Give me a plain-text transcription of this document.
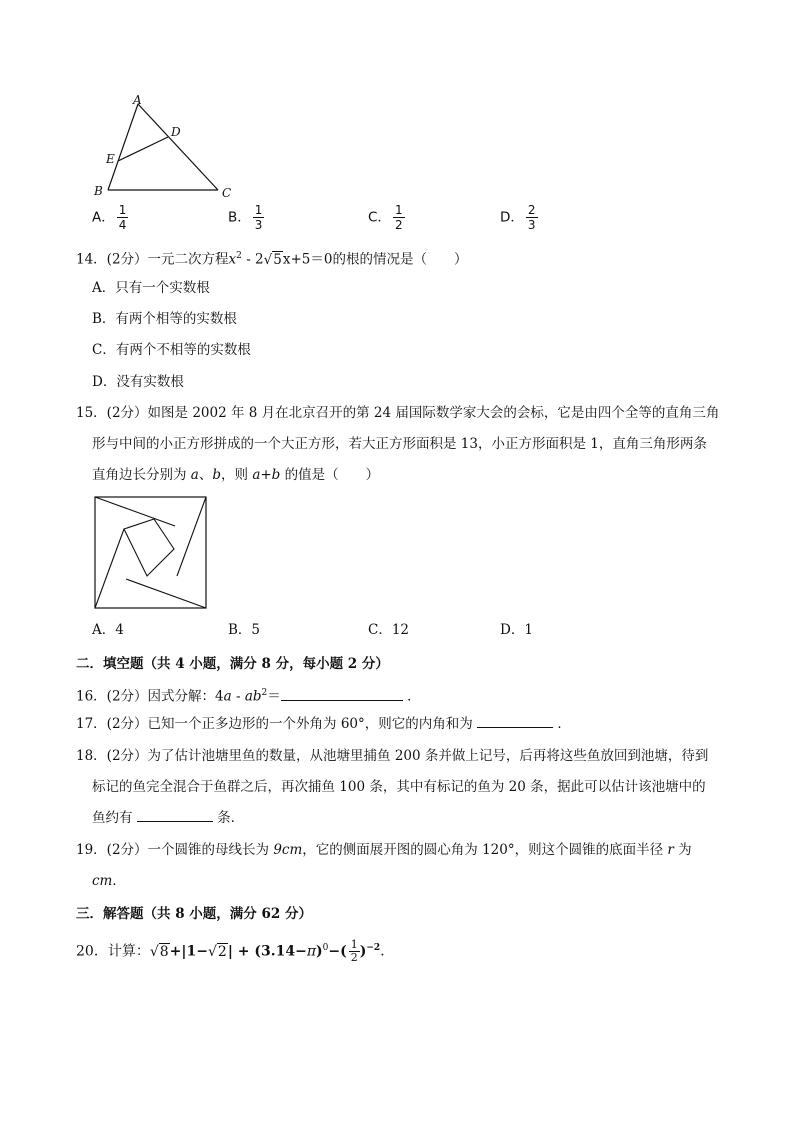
A
B	C
D
E
A． $\frac{1}{4}$	B． $\frac{1}{3}$	C． $\frac{1}{2}$	D． $\frac{2}{3}$
14．(2分）一元二次方程$x^2 - 2√5x+5=0$的根的情况是（　　）
A．只有一个实数根
B．有两个相等的实数根
C．有两个不相等的实数根
D．没有实数根
15．(2分）如图是 2002 年 8 月在北京召开的第 24 届国际数学家大会的会标，它是由四个全等的直角三角
形与中间的小正方形拼成的一个大正方形，若大正方形面积是 13，小正方形面积是 1，直角三角形两条
直角边长分别为 a、b，则 a+b 的值是（　　）
A．4	B．5	C．12	D．1
二．填空题（共 4 小题，满分 8 分，每小题 2 分）
16．(2分）因式分解：$4a - ab^2=$	．
17．(2分）已知一个正多边形的一个外角为 60°，则它的内角和为	．
18．(2分）为了估计池塘里鱼的数量，从池塘里捕鱼 200 条并做上记号，后再将这些鱼放回到池塘，待到
标记的鱼完全混合于鱼群之后，再次捕鱼 100 条，其中有标记的鱼为 20 条，据此可以估计该池塘中的
鱼约有	条．
19．(2分）一个圆锥的母线长为 9cm，它的侧面展开图的圆心角为 120°，则这个圆锥的底面半径 r 为
cm．
三．解答题（共 8 小题，满分 62 分）
20．计算：$√8+|1-√2| + (3.14-\pi)^0-( \frac{1}{2} )^{-2}$．
